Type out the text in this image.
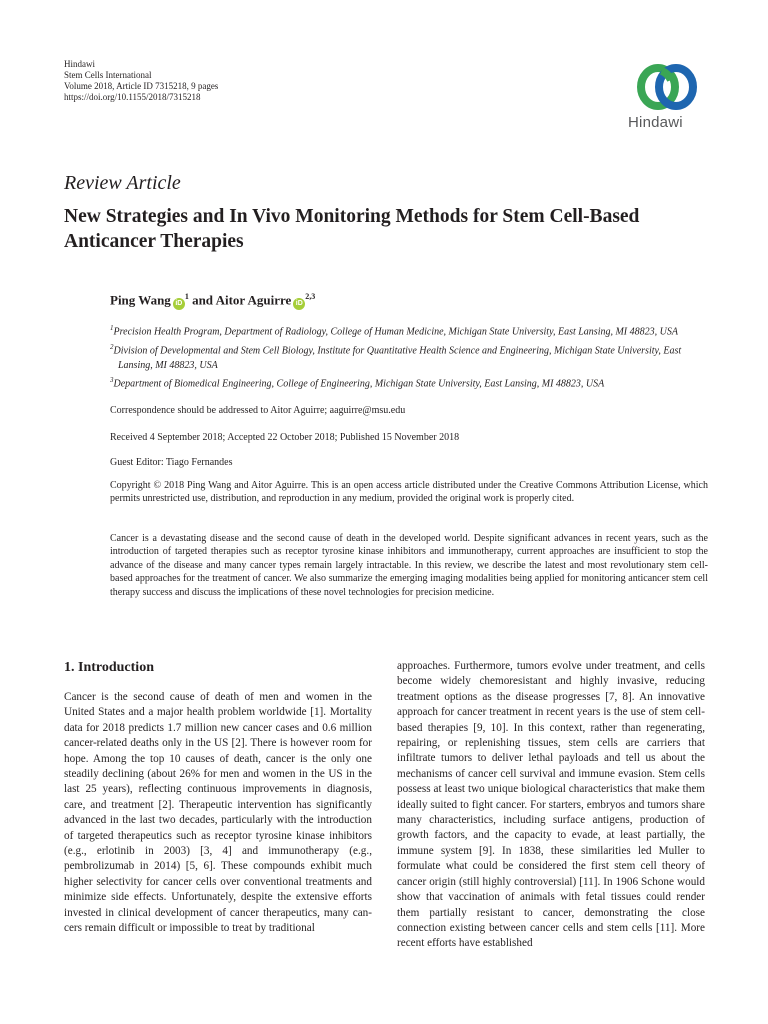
Hindawi
Stem Cells International
Volume 2018, Article ID 7315218, 9 pages
https://doi.org/10.1155/2018/7315218
Hindawi
Review Article
New Strategies and In Vivo Monitoring Methods for Stem Cell-Based Anticancer Therapies
Ping Wang $iD^1$ and Aitor Aguirre iD$^{2,3}$
$^1$Precision Health Program, Department of Radiology, College of Human Medicine, Michigan State University, East Lansing, MI 48823, USA
$^2$Division of Developmental and Stem Cell Biology, Institute for Quantitative Health Science and Engineering, Michigan State University, East Lansing, MI 48823, USA
$^3$Department of Biomedical Engineering, College of Engineering, Michigan State University, East Lansing, MI 48823, USA
Correspondence should be addressed to Aitor Aguirre; aaguirre@msu.edu
Received 4 September 2018; Accepted 22 October 2018; Published 15 November 2018
Guest Editor: Tiago Fernandes
Copyright © 2018 Ping Wang and Aitor Aguirre. This is an open access article distributed under the Creative Commons Attribution License, which permits unrestricted use, distribution, and reproduction in any medium, provided the original work is properly cited.
Cancer is a devastating disease and the second cause of death in the developed world. Despite significant advances in recent years, such as the introduction of targeted therapies such as receptor tyrosine kinase inhibitors and immunotherapy, current approaches are insufficient to stop the advance of the disease and many cancer types remain largely intractable. In this review, we describe the latest and most revolutionary stem cell-based approaches for the treatment of cancer. We also summarize the emerging imaging modalities being applied for monitoring anticancer stem cell therapy success and discuss the implications of these novel technologies for precision medicine.
1. Introduction
Cancer is the second cause of death of men and women in the United States and a major health problem worldwide [1]. Mortality data for 2018 predicts 1.7 million new cancer cases and 0.6 million cancer-related deaths only in the US [2]. There is however room for hope. Among the top 10 causes of death, cancer is the only one steadily declining (about 26% for men and women in the US in the last 25 years), reflecting continuous improvements in diagnosis, care, and treatment [2]. Therapeutic intervention has significantly advanced in the last two decades, particularly with the introduction of targeted therapeutics such as receptor tyrosine kinase inhibitors (e.g., erlotinib in 2003) [3, 4] and immunotherapy (e.g., pembrolizumab in 2014) [5, 6]. These compounds exhibit much higher selectivity for cancer cells over conventional treatments and minimize side effects. Unfortunately, despite the extensive efforts invested in clinical development of cancer therapeutics, many cancers remain difficult or impossible to treat by traditional
approaches. Furthermore, tumors evolve under treatment, and cells become widely chemoresistant and highly invasive, reducing treatment options as the disease progresses [7, 8]. An innovative approach for cancer treatment in recent years is the use of stem cell-based therapies [9, 10]. In this context, rather than regenerating, repairing, or replenishing tissues, stem cells are carriers that infiltrate tumors to deliver lethal payloads and tell us about the mechanisms of cancer cell survival and immune evasion. Stem cells possess at least two unique biological characteristics that make them ideally suited to fight cancer. For starters, embryos and tumors share many characteristics, including surface antigens, production of growth factors, and the capacity to evade, at least partially, the immune system [9]. In 1838, these similarities led Muller to formulate what could be considered the first stem cell theory of cancer origin (still highly controversial) [11]. In 1906 Schone would show that vaccination of animals with fetal tissues could render them partially resistant to cancer, demonstrating the close connection existing between cancer cells and stem cells [11]. More recent efforts have established
